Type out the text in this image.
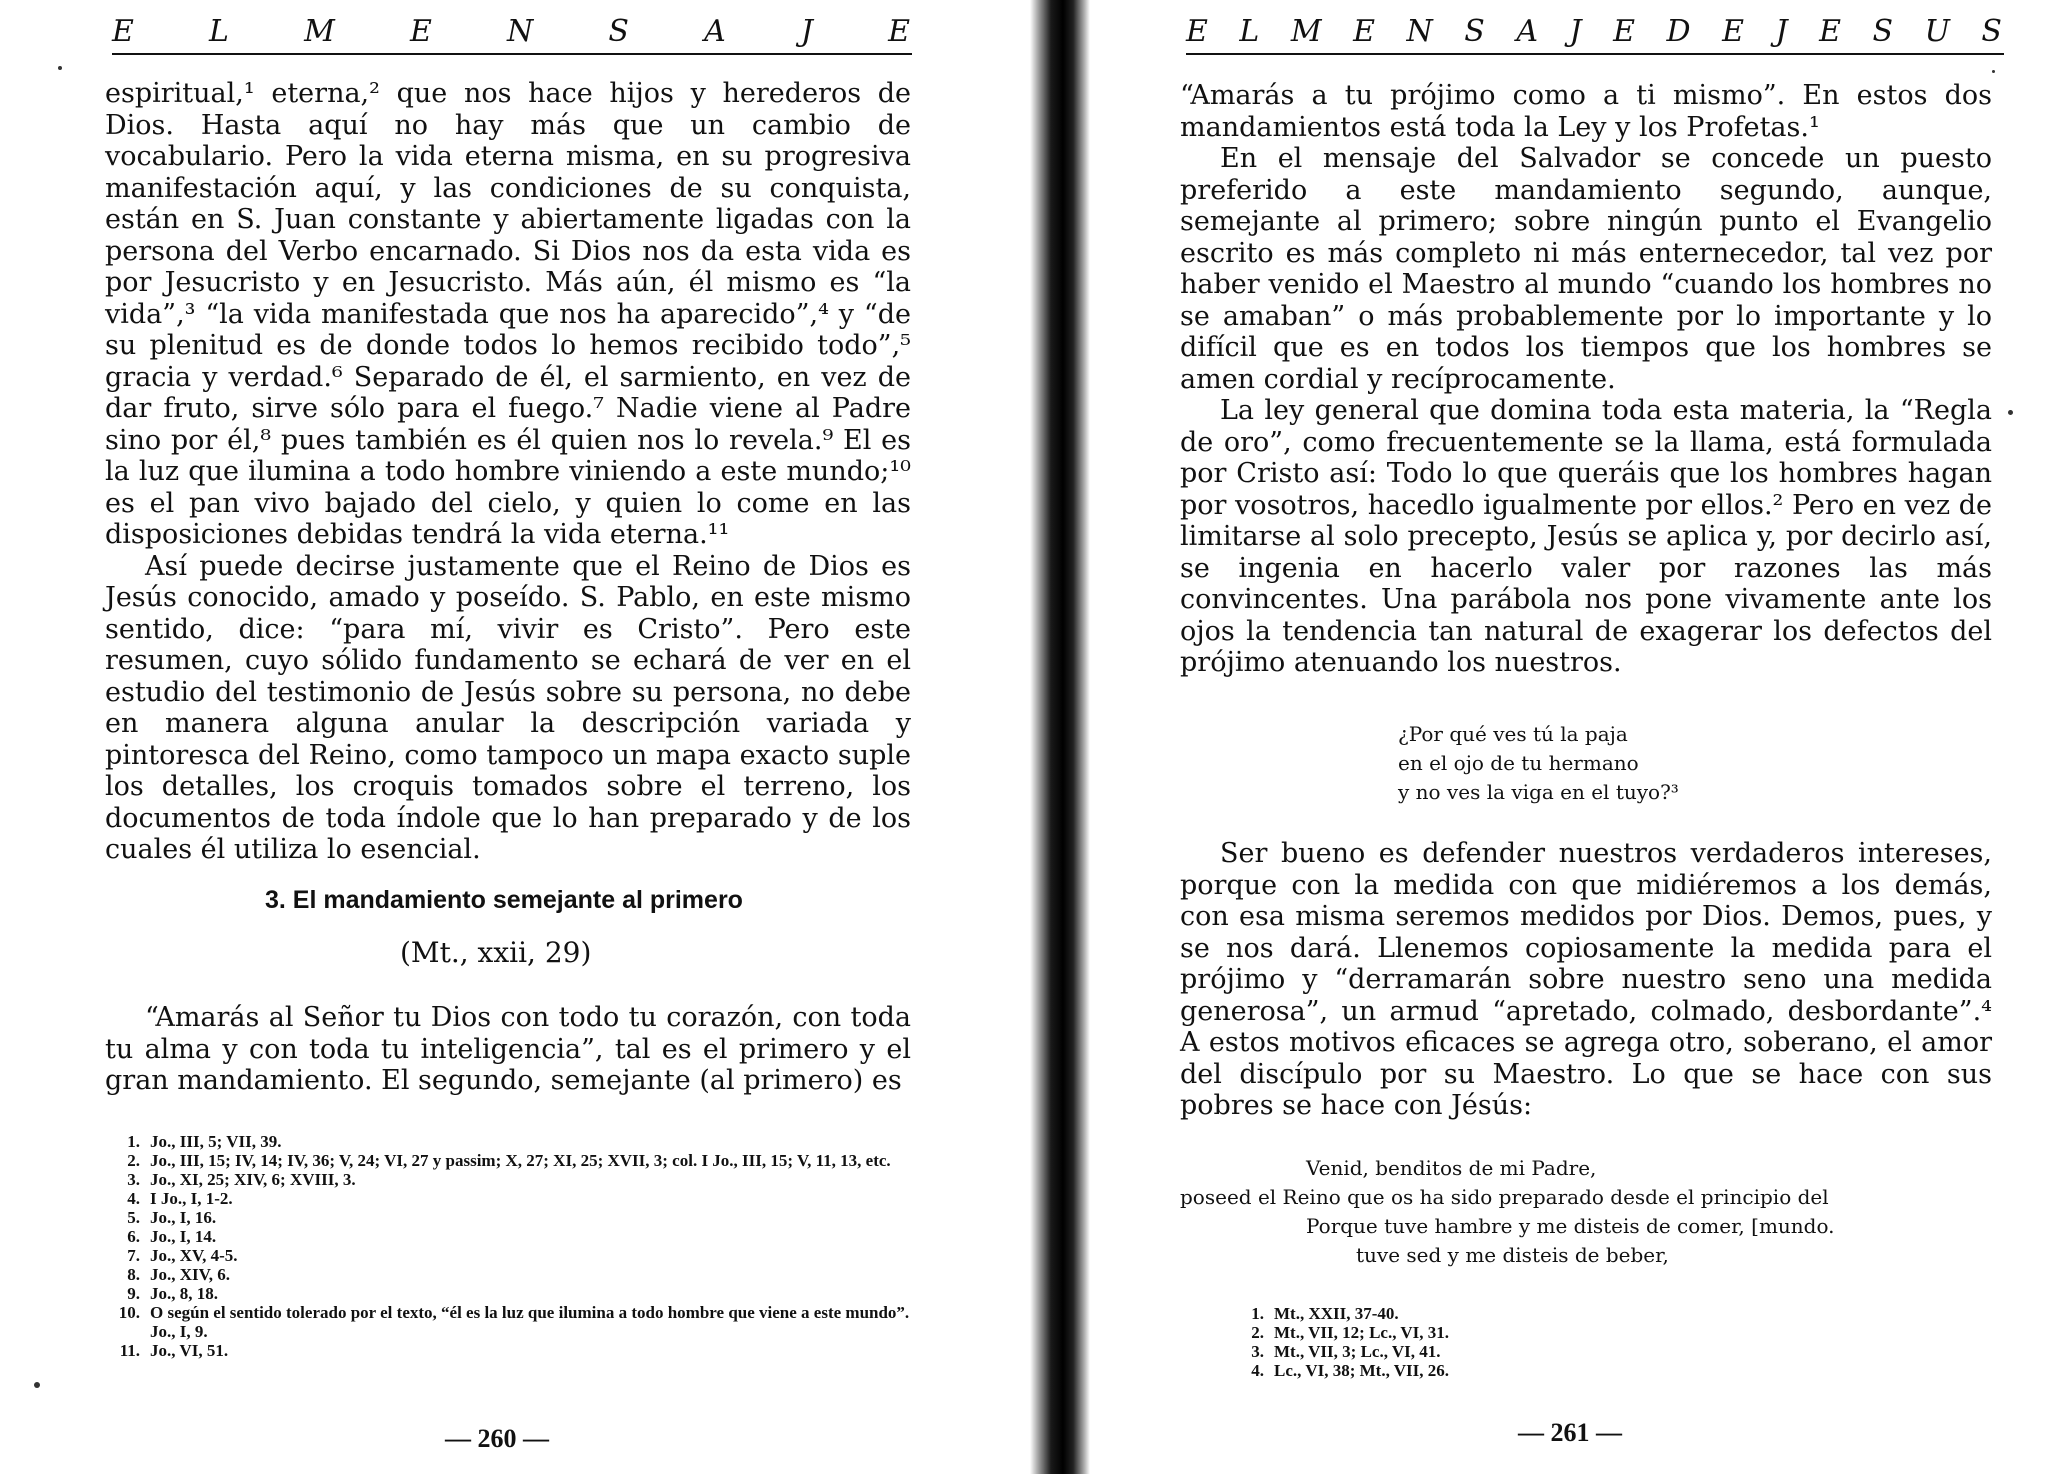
E L M E N S A J E

espiritual,¹ eterna,² que nos hace hijos y herederos de Dios. Hasta aquí no hay más que un cambio de vocabulario. Pero la vida eterna misma, en su progresiva manifestación aquí, y las condiciones de su conquista, están en S. Juan constante y abiertamente ligadas con la persona del Verbo encarnado. Si Dios nos da esta vida es por Jesucristo y en Jesucristo. Más aún, él mismo es “la vida”,³ “la vida manifestada que nos ha aparecido”,⁴ y “de su plenitud es de donde todos lo hemos recibido todo”,⁵ gracia y verdad.⁶ Separado de él, el sarmiento, en vez de dar fruto, sirve sólo para el fuego.⁷ Nadie viene al Padre sino por él,⁸ pues también es él quien nos lo revela.⁹ El es la luz que ilumina a todo hombre viniendo a este mundo;¹⁰ es el pan vivo bajado del cielo, y quien lo come en las disposiciones debidas tendrá la vida eterna.¹¹

Así puede decirse justamente que el Reino de Dios es Jesús conocido, amado y poseído. S. Pablo, en este mismo sentido, dice: “para mí, vivir es Cristo”. Pero este resumen, cuyo sólido fundamento se echará de ver en el estudio del testimonio de Jesús sobre su persona, no debe en manera alguna anular la descripción variada y pintoresca del Reino, como tampoco un mapa exacto suple los detalles, los croquis tomados sobre el terreno, los documentos de toda índole que lo han preparado y de los cuales él utiliza lo esencial.

3. El mandamiento semejante al primero
(Mt., xxii, 29)

“Amarás al Señor tu Dios con todo tu corazón, con toda tu alma y con toda tu inteligencia”, tal es el primero y el gran mandamiento. El segundo, semejante (al primero) es

1. Jo., III, 5; VII, 39.
2. Jo., III, 15; IV, 14; IV, 36; V, 24; VI, 27 y passim; X, 27; XI, 25; XVII, 3; col. I Jo., III, 15; V, 11, 13, etc.
3. Jo., XI, 25; XIV, 6; XVIII, 3.
4. I Jo., I, 1-2.
5. Jo., I, 16.
6. Jo., I, 14.
7. Jo., XV, 4-5.
8. Jo., XIV, 6.
9. Jo., 8, 18.
10. O según el sentido tolerado por el texto, “él es la luz que ilumina a todo hombre que viene a este mundo”. Jo., I, 9.
11. Jo., VI, 51.
— 260 —
E L M E N S A J E D E J E S U S

“Amarás a tu prójimo como a ti mismo”. En estos dos mandamientos está toda la Ley y los Profetas.¹

En el mensaje del Salvador se concede un puesto preferido a este mandamiento segundo, aunque, semejante al primero; sobre ningún punto el Evangelio escrito es más completo ni más enternecedor, tal vez por haber venido el Maestro al mundo “cuando los hombres no se amaban” o más probablemente por lo importante y lo difícil que es en todos los tiempos que los hombres se amen cordial y recíprocamente.

La ley general que domina toda esta materia, la “Regla de oro”, como frecuentemente se la llama, está formulada por Cristo así: Todo lo que queráis que los hombres hagan por vosotros, hacedlo igualmente por ellos.² Pero en vez de limitarse al solo precepto, Jesús se aplica y, por decirlo así, se ingenia en hacerlo valer por razones las más convincentes. Una parábola nos pone vivamente ante los ojos la tendencia tan natural de exagerar los defectos del prójimo atenuando los nuestros.

¿Por qué ves tú la paja
en el ojo de tu hermano
y no ves la viga en el tuyo?³

Ser bueno es defender nuestros verdaderos intereses, porque con la medida con que midiéremos a los demás, con esa misma seremos medidos por Dios. Demos, pues, y se nos dará. Llenemos copiosamente la medida para el prójimo y “derramarán sobre nuestro seno una medida generosa”, un armud “apretado, colmado, desbordante”.⁴ A estos motivos eficaces se agrega otro, soberano, el amor del discípulo por su Maestro. Lo que se hace con sus pobres se hace con Jésús:

Venid, benditos de mi Padre,
poseed el Reino que os ha sido preparado desde el principio del
Porque tuve hambre y me disteis de comer, [mundo.
tuve sed y me disteis de beber,
1. Mt., XXII, 37-40.
2. Mt., VII, 12; Lc., VI, 31.
3. Mt., VII, 3; Lc., VI, 41.
4. Lc., VI, 38; Mt., VII, 26.
— 261 —
